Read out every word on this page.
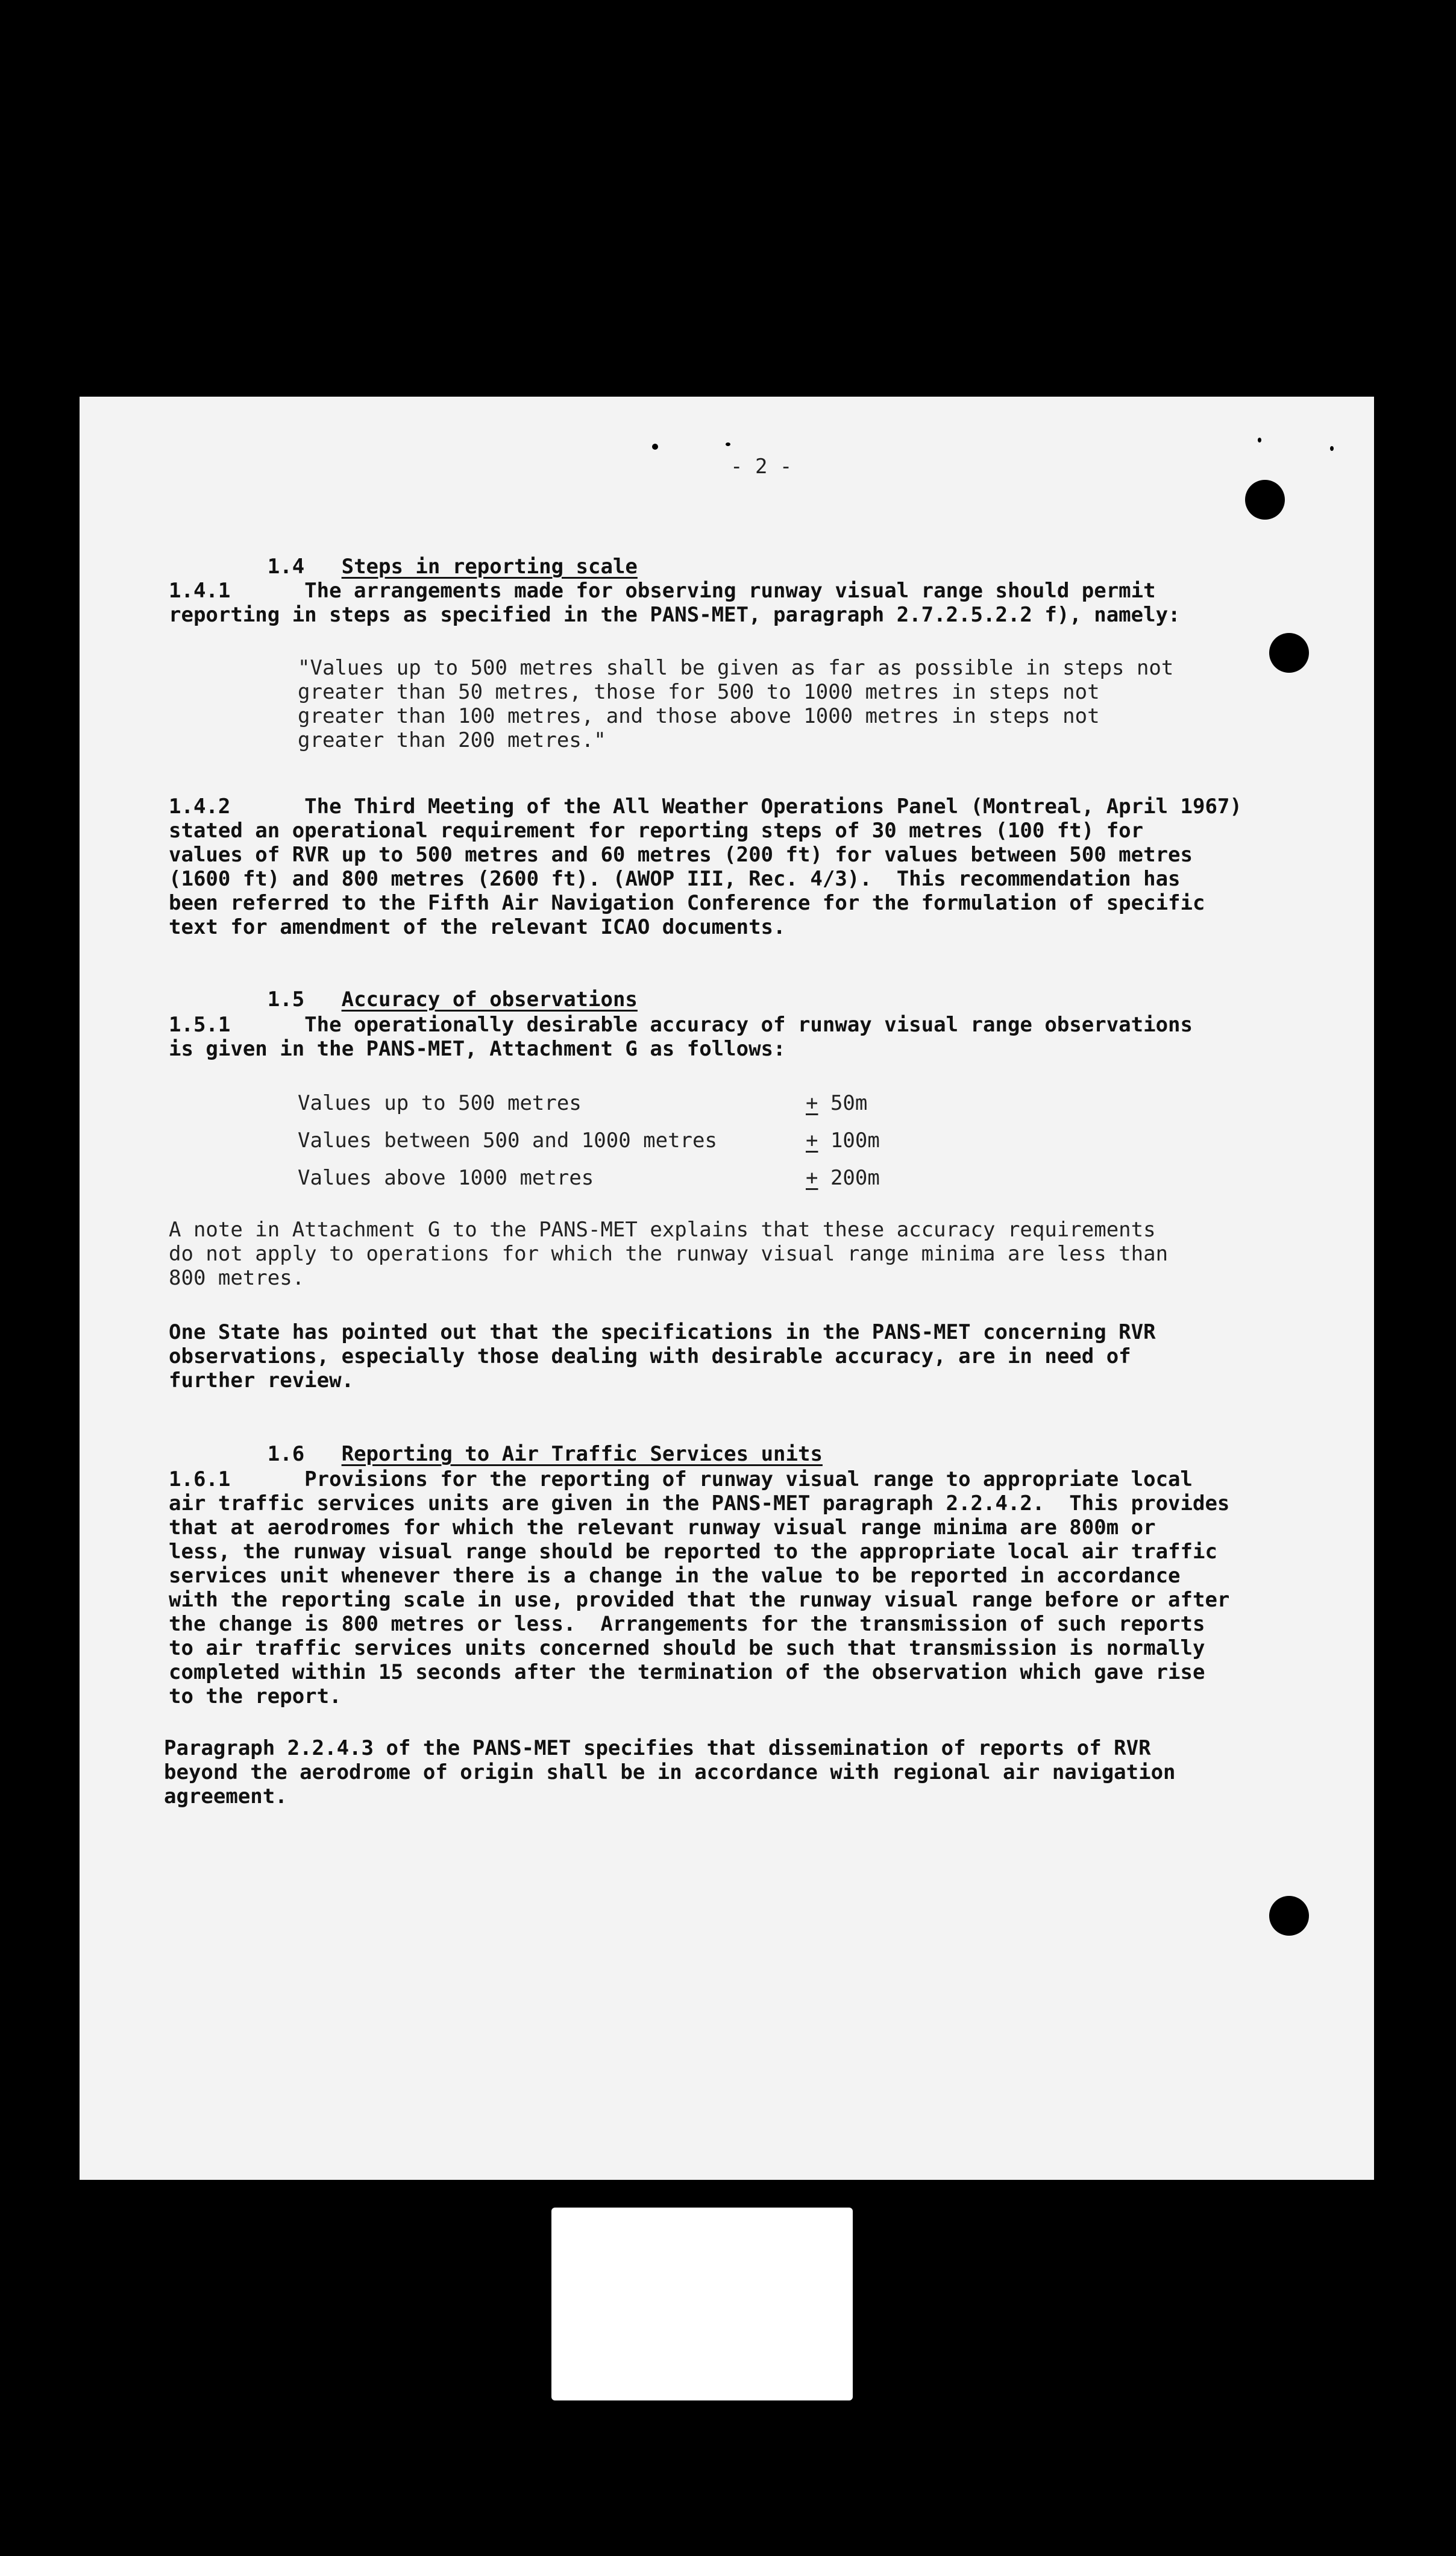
- 2 -

1.4 Steps in reporting scale

1.4.1      The arrangements made for observing runway visual range should permit
reporting in steps as specified in the PANS-MET, paragraph 2.7.2.5.2.2 f), namely:
"Values up to 500 metres shall be given as far as possible in steps not
greater than 50 metres, those for 500 to 1000 metres in steps not
greater than 100 metres, and those above 1000 metres in steps not
greater than 200 metres."
1.4.2      The Third Meeting of the All Weather Operations Panel (Montreal, April 1967)
stated an operational requirement for reporting steps of 30 metres (100 ft) for
values of RVR up to 500 metres and 60 metres (200 ft) for values between 500 metres
(1600 ft) and 800 metres (2600 ft). (AWOP III, Rec. 4/3).  This recommendation has
been referred to the Fifth Air Navigation Conference for the formulation of specific
text for amendment of the relevant ICAO documents.

1.5 Accuracy of observations

1.5.1      The operationally desirable accuracy of runway visual range observations
is given in the PANS-MET, Attachment G as follows:
Values up to 500 metres	+ 50m
Values between 500 and 1000 metres	+ 100m
Values above 1000 metres	+ 200m
A note in Attachment G to the PANS-MET explains that these accuracy requirements
do not apply to operations for which the runway visual range minima are less than
800 metres.
One State has pointed out that the specifications in the PANS-MET concerning RVR
observations, especially those dealing with desirable accuracy, are in need of
further review.

1.6 Reporting to Air Traffic Services units

1.6.1      Provisions for the reporting of runway visual range to appropriate local
air traffic services units are given in the PANS-MET paragraph 2.2.4.2.  This provides
that at aerodromes for which the relevant runway visual range minima are 800m or
less, the runway visual range should be reported to the appropriate local air traffic
services unit whenever there is a change in the value to be reported in accordance
with the reporting scale in use, provided that the runway visual range before or after
the change is 800 metres or less.  Arrangements for the transmission of such reports
to air traffic services units concerned should be such that transmission is normally
completed within 15 seconds after the termination of the observation which gave rise
to the report.
Paragraph 2.2.4.3 of the PANS-MET specifies that dissemination of reports of RVR
beyond the aerodrome of origin shall be in accordance with regional air navigation
agreement.
